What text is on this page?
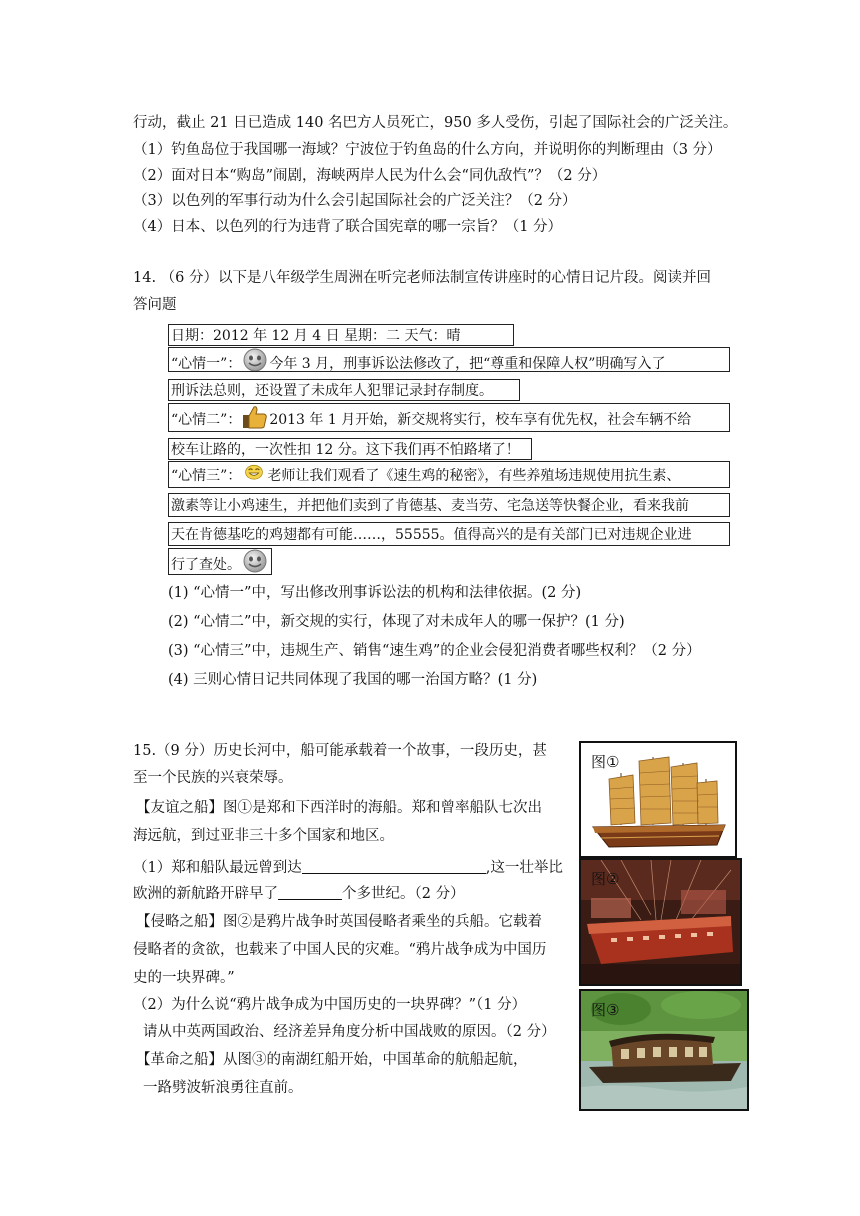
行动，截止 21 日已造成 140 名巴方人员死亡，950 多人受伤，引起了国际社会的广泛关注。
（1）钓鱼岛位于我国哪一海域？宁波位于钓鱼岛的什么方向，并说明你的判断理由（3 分）
（2）面对日本“购岛”闹剧，海峡两岸人民为什么会“同仇敌忾”？（2 分）
（3）以色列的军事行动为什么会引起国际社会的广泛关注？（2 分）
（4）日本、以色列的行为违背了联合国宪章的哪一宗旨？（1 分）
14. （6 分）以下是八年级学生周洲在听完老师法制宣传讲座时的心情日记片段。阅读并回
答问题
日期：2012 年 12 月 4 日 星期：二 天气：晴
“心情一”： 今年 3 月，刑事诉讼法修改了，把“尊重和保障人权”明确写入了
刑诉法总则，还设置了未成年人犯罪记录封存制度。
“心情二”： 2013 年 1 月开始，新交规将实行，校车享有优先权，社会车辆不给
校车让路的，一次性扣 12 分。这下我们再不怕路堵了！
“心情三”： 老师让我们观看了《速生鸡的秘密》，有些养殖场违规使用抗生素、
激素等让小鸡速生，并把他们卖到了肯德基、麦当劳、宅急送等快餐企业，看来我前
天在肯德基吃的鸡翅都有可能……，55555。值得高兴的是有关部门已对违规企业进
行了查处。
(1) “心情一”中，写出修改刑事诉讼法的机构和法律依据。(2 分)
(2) “心情二”中，新交规的实行，体现了对未成年人的哪一保护？(1 分)
(3) “心情三”中，违规生产、销售“速生鸡”的企业会侵犯消费者哪些权利？（2 分）
(4) 三则心情日记共同体现了我国的哪一治国方略？(1 分)
15.（9 分）历史长河中，船可能承载着一个故事，一段历史，甚
至一个民族的兴衰荣辱。
【友谊之船】图①是郑和下西洋时的海船。郑和曾率船队七次出
海远航，到过亚非三十多个国家和地区。
（1）郑和船队最远曾到达	,这一壮举比
欧洲的新航路开辟早了	个多世纪。（2 分）
【侵略之船】图②是鸦片战争时英国侵略者乘坐的兵船。它载着
侵略者的贪欲，也载来了中国人民的灾难。“鸦片战争成为中国历
史的一块界碑。”
（2）为什么说“鸦片战争成为中国历史的一块界碑？”（1 分）
请从中英两国政治、经济差异角度分析中国战败的原因。（2 分）
【革命之船】从图③的南湖红船开始，中国革命的航船起航，
一路劈波斩浪勇往直前。
图①
图②
图③
